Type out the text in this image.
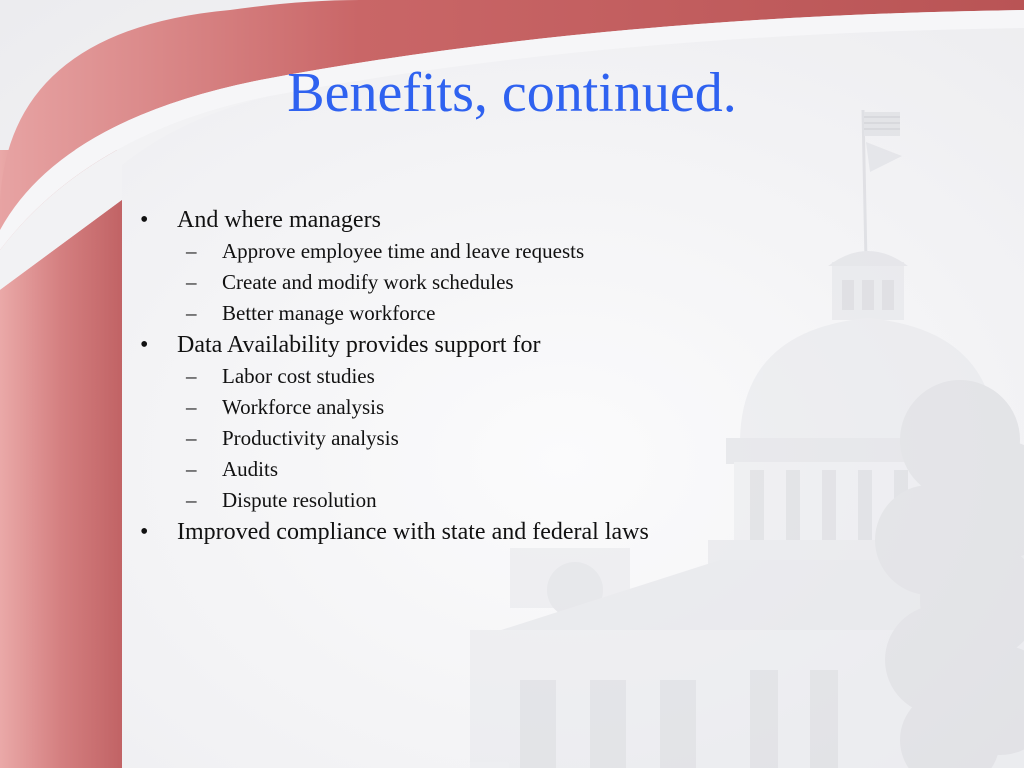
Benefits, continued.
•	And where managers
– Approve employee time and leave requests
– Create and modify work schedules
– Better manage workforce
•	Data Availability provides support for
– Labor cost studies
– Workforce analysis
– Productivity analysis
– Audits
– Dispute resolution
•	Improved compliance with state and federal laws
